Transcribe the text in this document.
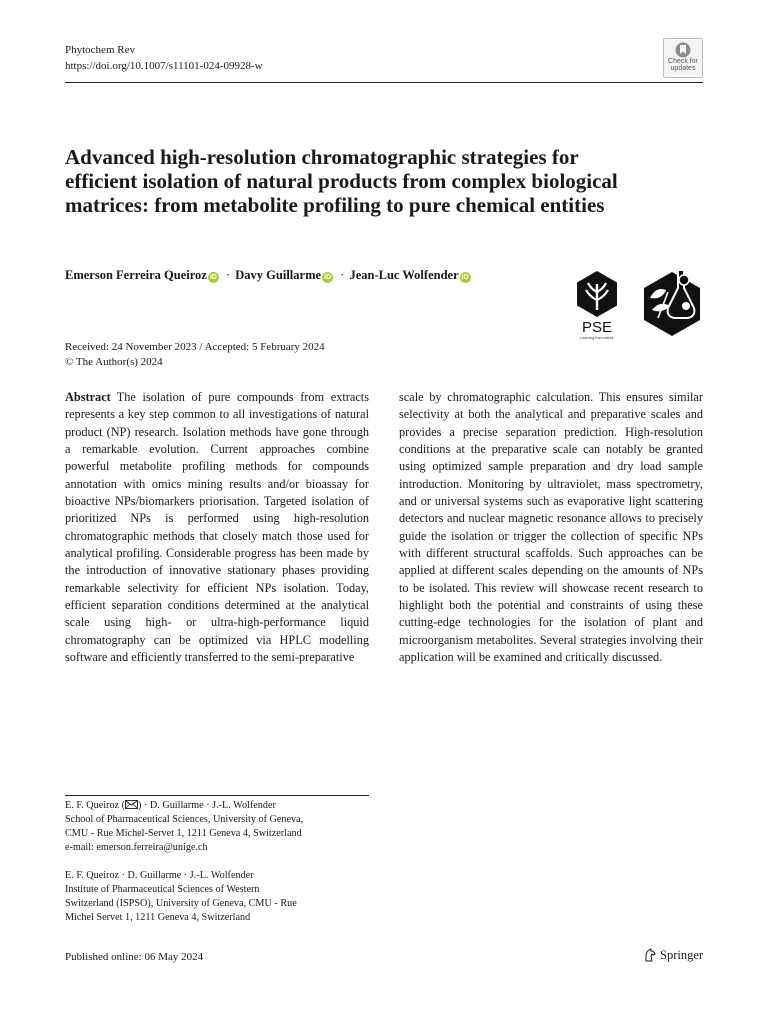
Phytochem Rev
https://doi.org/10.1007/s11101-024-09928-w	Check for
updates
Advanced high-resolution chromatographic strategies for efficient isolation of natural products from complex biological matrices: from metabolite profiling to pure chemical entities
Emerson Ferreira Queiroz iD · Davy Guillarme iD · Jean-Luc Wolfender iD
PSE
Learning from nature
Received: 24 November 2023 / Accepted: 5 February 2024
© The Author(s) 2024

Abstract The isolation of pure compounds from extracts represents a key step common to all investigations of natural product (NP) research. Isolation methods have gone through a remarkable evolution. Current approaches combine powerful metabolite profiling methods for compounds annotation with omics mining results and/or bioassay for bioactive NPs/biomarkers priorisation. Targeted isolation of prioritized NPs is performed using high-resolution chromatographic methods that closely match those used for analytical profiling. Considerable progress has been made by the introduction of innovative stationary phases providing remarkable selectivity for efficient NPs isolation. Today, efficient separation conditions determined at the analytical scale using high- or ultra-high-performance liquid chromatography can be optimized via HPLC modelling software and efficiently transferred to the semi-preparative

scale by chromatographic calculation. This ensures similar selectivity at both the analytical and preparative scales and provides a precise separation prediction. High-resolution conditions at the preparative scale can notably be granted using optimized sample preparation and dry load sample introduction. Monitoring by ultraviolet, mass spectrometry, and or universal systems such as evaporative light scattering detectors and nuclear magnetic resonance allows to precisely guide the isolation or trigger the collection of specific NPs with different structural scaffolds. Such approaches can be applied at different scales depending on the amounts of NPs to be isolated. This review will showcase recent research to highlight both the potential and constraints of using these cutting-edge technologies for the isolation of plant and microorganism metabolites. Several strategies involving their application will be examined and critically discussed.

E. F. Queiroz ( ) · D. Guillarme · J.-L. Wolfender
School of Pharmaceutical Sciences, University of Geneva,
CMU - Rue Michel-Servet 1, 1211 Geneva 4, Switzerland
e-mail: emerson.ferreira@unige.ch

E. F. Queiroz · D. Guillarme · J.-L. Wolfender
Institute of Pharmaceutical Sciences of Western
Switzerland (ISPSO), University of Geneva, CMU - Rue
Michel Servet 1, 1211 Geneva 4, Switzerland

Published online: 06 May 2024	Springer
